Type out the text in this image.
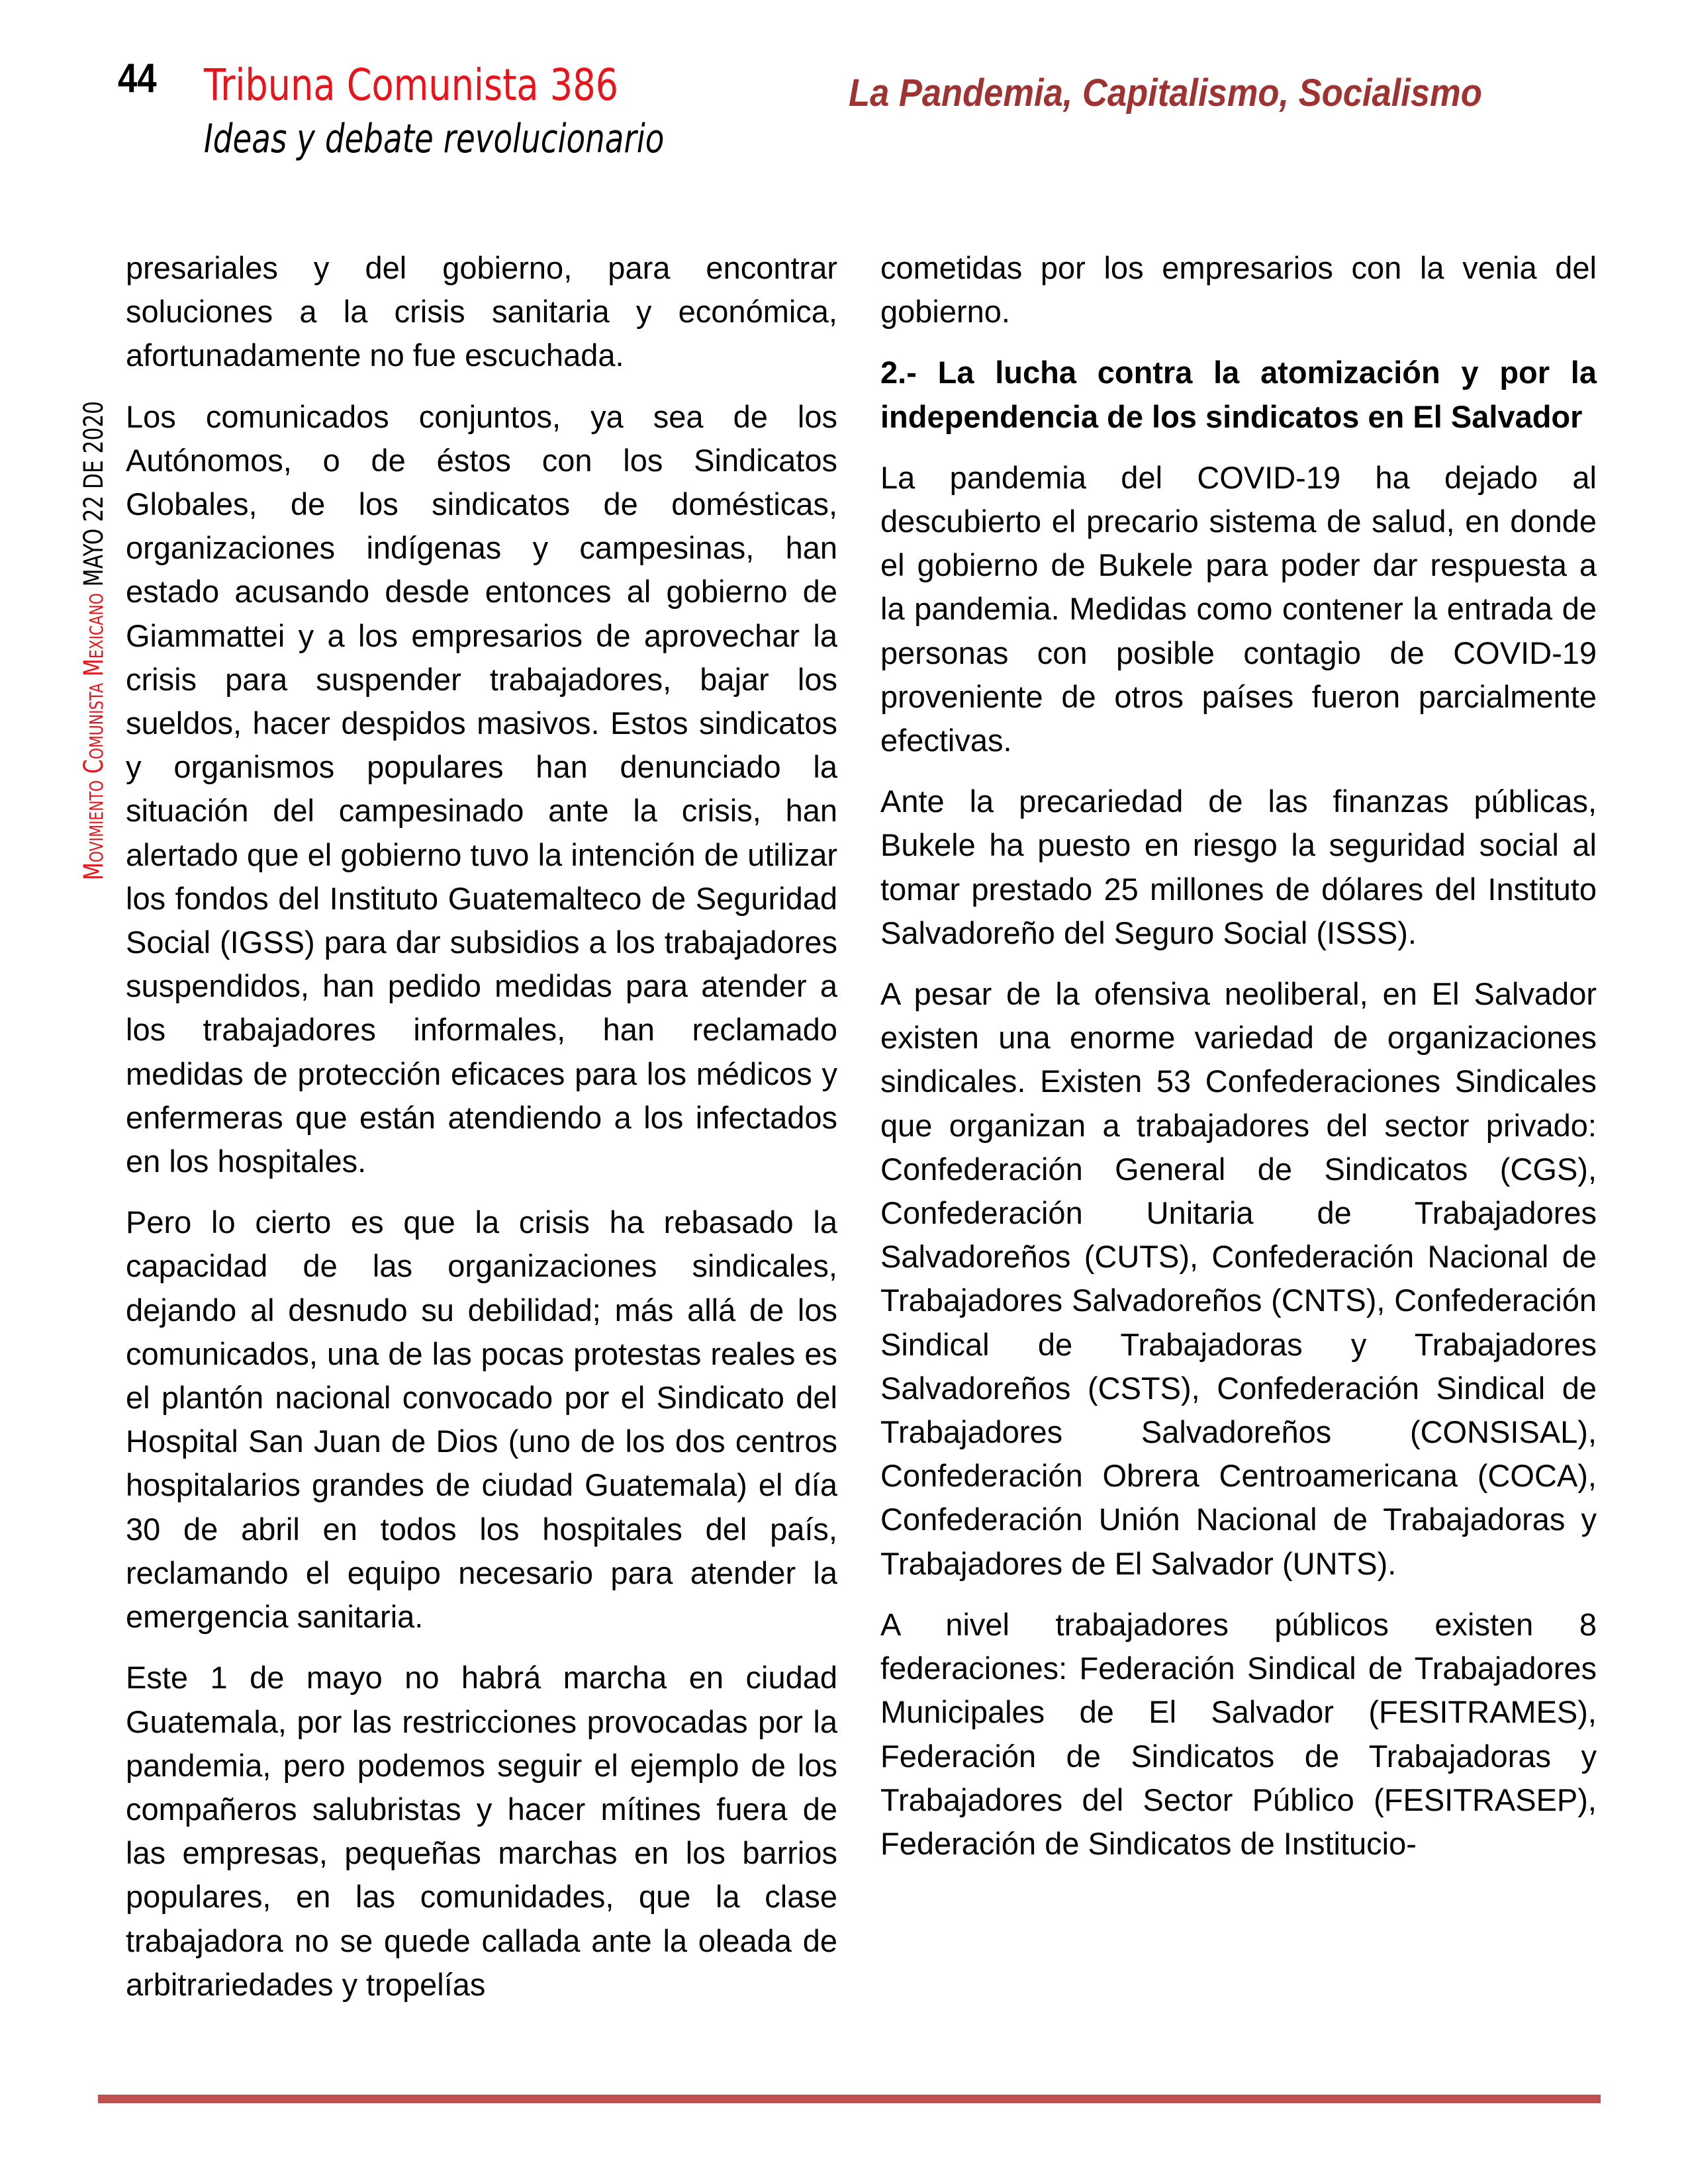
44 Tribuna Comunista 386
Ideas y debate revolucionario
La Pandemia, Capitalismo, Socialismo
Movimiento Comunista Mexicano MAYO 22 DE 2020

presariales y del gobierno, para encontrar soluciones a la crisis sanitaria y económica, afortunadamente no fue escuchada.

Los comunicados conjuntos, ya sea de los Autónomos, o de éstos con los Sindicatos Globales, de los sindicatos de domésticas, organizaciones indígenas y campesinas, han estado acusando desde entonces al gobierno de Giammattei y a los empresarios de aprovechar la crisis para suspender trabajadores, bajar los sueldos, hacer despidos masivos. Estos sindicatos y organismos populares han denunciado la situación del campesinado ante la crisis, han alertado que el gobierno tuvo la intención de utilizar los fondos del Instituto Guatemalteco de Seguridad Social (IGSS) para dar subsidios a los trabajadores suspendidos, han pedido medidas para atender a los trabajadores informales, han reclamado medidas de protección eficaces para los médicos y enfermeras que están atendiendo a los infectados en los hospitales.

Pero lo cierto es que la crisis ha rebasado la capacidad de las organizaciones sindicales, dejando al desnudo su debilidad; más allá de los comunicados, una de las pocas protestas reales es el plantón nacional convocado por el Sindicato del Hospital San Juan de Dios (uno de los dos centros hospitalarios grandes de ciudad Guatemala) el día 30 de abril en todos los hospitales del país, reclamando el equipo necesario para atender la emergencia sanitaria.

Este 1 de mayo no habrá marcha en ciudad Guatemala, por las restricciones provocadas por la pandemia, pero podemos seguir el ejemplo de los compañeros salubristas y hacer mítines fuera de las empresas, pequeñas marchas en los barrios populares, en las comunidades, que la clase trabajadora no se quede callada ante la oleada de arbitrariedades y tropelías

cometidas por los empresarios con la venia del gobierno.

2.- La lucha contra la atomización y por la independencia de los sindicatos en El Salvador

La pandemia del COVID-19 ha dejado al descubierto el precario sistema de salud, en donde el gobierno de Bukele para poder dar respuesta a la pandemia. Medidas como contener la entrada de personas con posible contagio de COVID-19 proveniente de otros países fueron parcialmente efectivas.

Ante la precariedad de las finanzas públicas, Bukele ha puesto en riesgo la seguridad social al tomar prestado 25 millones de dólares del Instituto Salvadoreño del Seguro Social (ISSS).

A pesar de la ofensiva neoliberal, en El Salvador existen una enorme variedad de organizaciones sindicales. Existen 53 Confederaciones Sindicales que organizan a trabajadores del sector privado: Confederación General de Sindicatos (CGS), Confederación Unitaria de Trabajadores Salvadoreños (CUTS), Confederación Nacional de Trabajadores Salvadoreños (CNTS), Confederación Sindical de Trabajadoras y Trabajadores Salvadoreños (CSTS), Confederación Sindical de Trabajadores Salvadoreños (CONSISAL), Confederación Obrera Centroamericana (COCA), Confederación Unión Nacional de Trabajadoras y Trabajadores de El Salvador (UNTS).

A nivel trabajadores públicos existen 8 federaciones: Federación Sindical de Trabajadores Municipales de El Salvador (FESITRAMES), Federación de Sindicatos de Trabajadoras y Trabajadores del Sector Público (FESITRASEP), Federación de Sindicatos de Institucio-
